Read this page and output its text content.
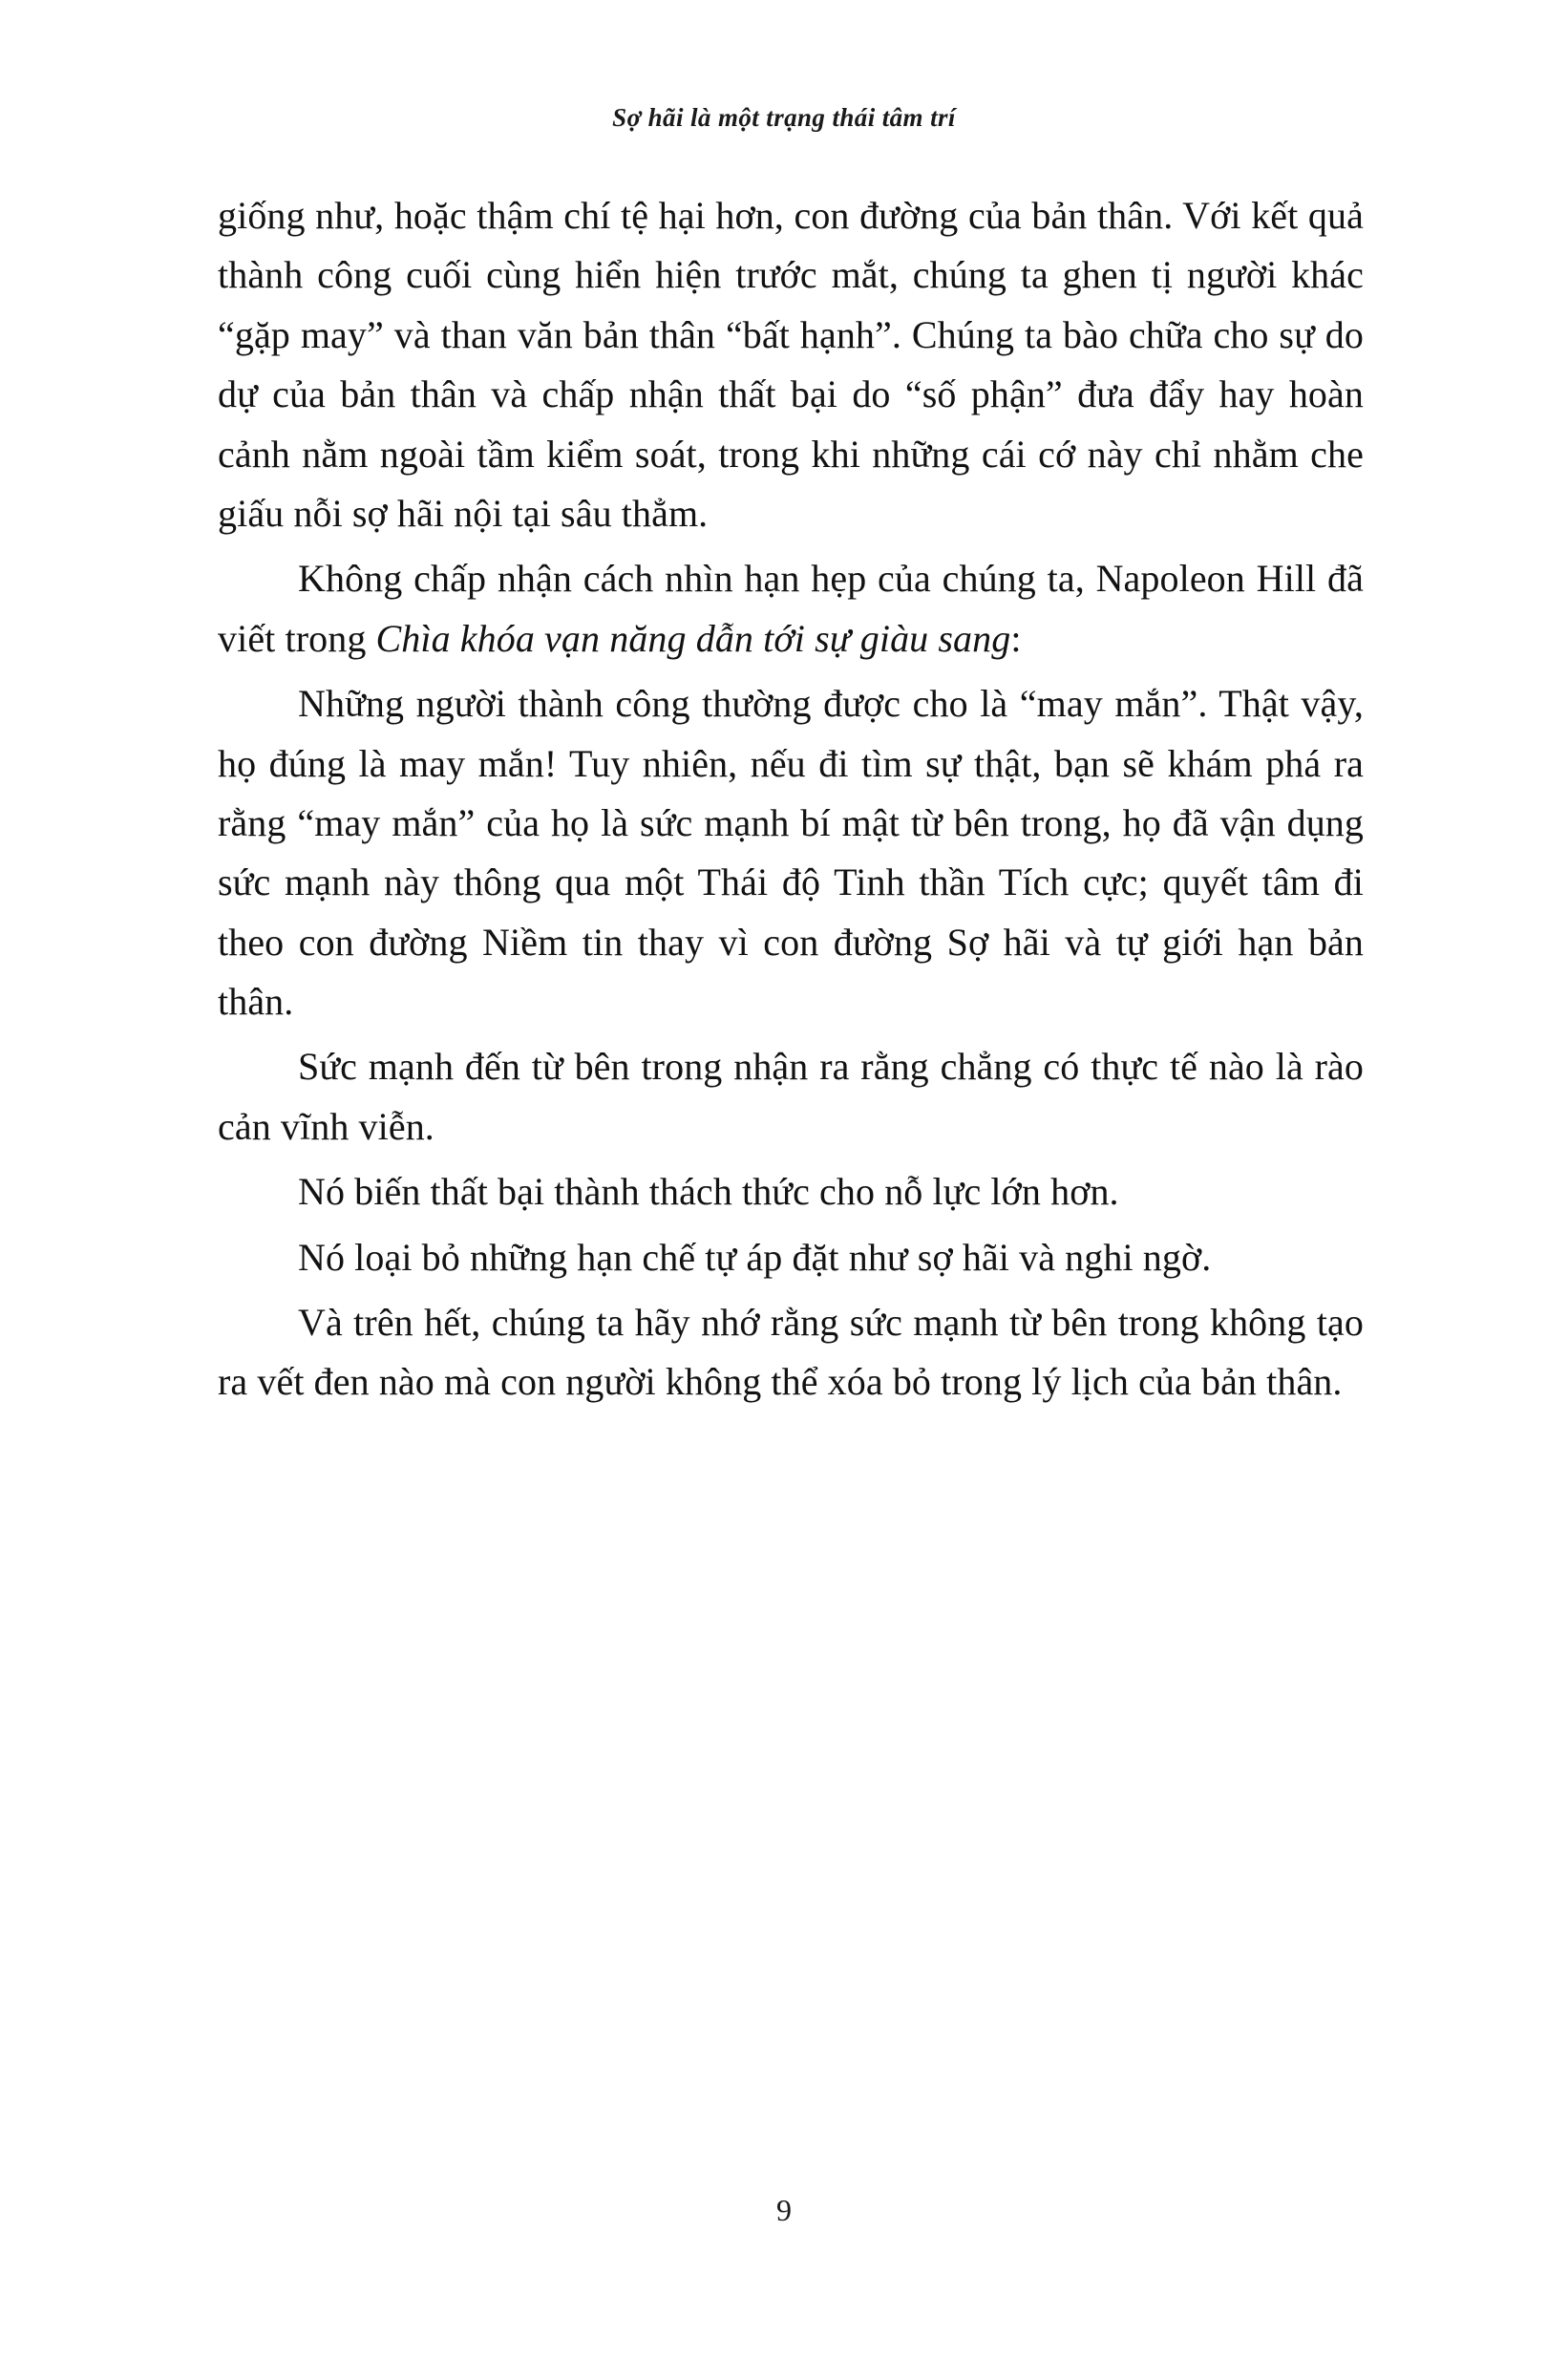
Sợ hãi là một trạng thái tâm trí

giống như, hoặc thậm chí tệ hại hơn, con đường của bản thân. Với kết quả thành công cuối cùng hiển hiện trước mắt, chúng ta ghen tị người khác “gặp may” và than văn bản thân “bất hạnh”. Chúng ta bào chữa cho sự do dự của bản thân và chấp nhận thất bại do “số phận” đưa đẩy hay hoàn cảnh nằm ngoài tầm kiểm soát, trong khi những cái cớ này chỉ nhằm che giấu nỗi sợ hãi nội tại sâu thẳm.

Không chấp nhận cách nhìn hạn hẹp của chúng ta, Napoleon Hill đã viết trong Chìa khóa vạn năng dẫn tới sự giàu sang:

Những người thành công thường được cho là “may mắn”. Thật vậy, họ đúng là may mắn! Tuy nhiên, nếu đi tìm sự thật, bạn sẽ khám phá ra rằng “may mắn” của họ là sức mạnh bí mật từ bên trong, họ đã vận dụng sức mạnh này thông qua một Thái độ Tinh thần Tích cực; quyết tâm đi theo con đường Niềm tin thay vì con đường Sợ hãi và tự giới hạn bản thân.

Sức mạnh đến từ bên trong nhận ra rằng chẳng có thực tế nào là rào cản vĩnh viễn.

Nó biến thất bại thành thách thức cho nỗ lực lớn hơn.

Nó loại bỏ những hạn chế tự áp đặt như sợ hãi và nghi ngờ.

Và trên hết, chúng ta hãy nhớ rằng sức mạnh từ bên trong không tạo ra vết đen nào mà con người không thể xóa bỏ trong lý lịch của bản thân.

9
